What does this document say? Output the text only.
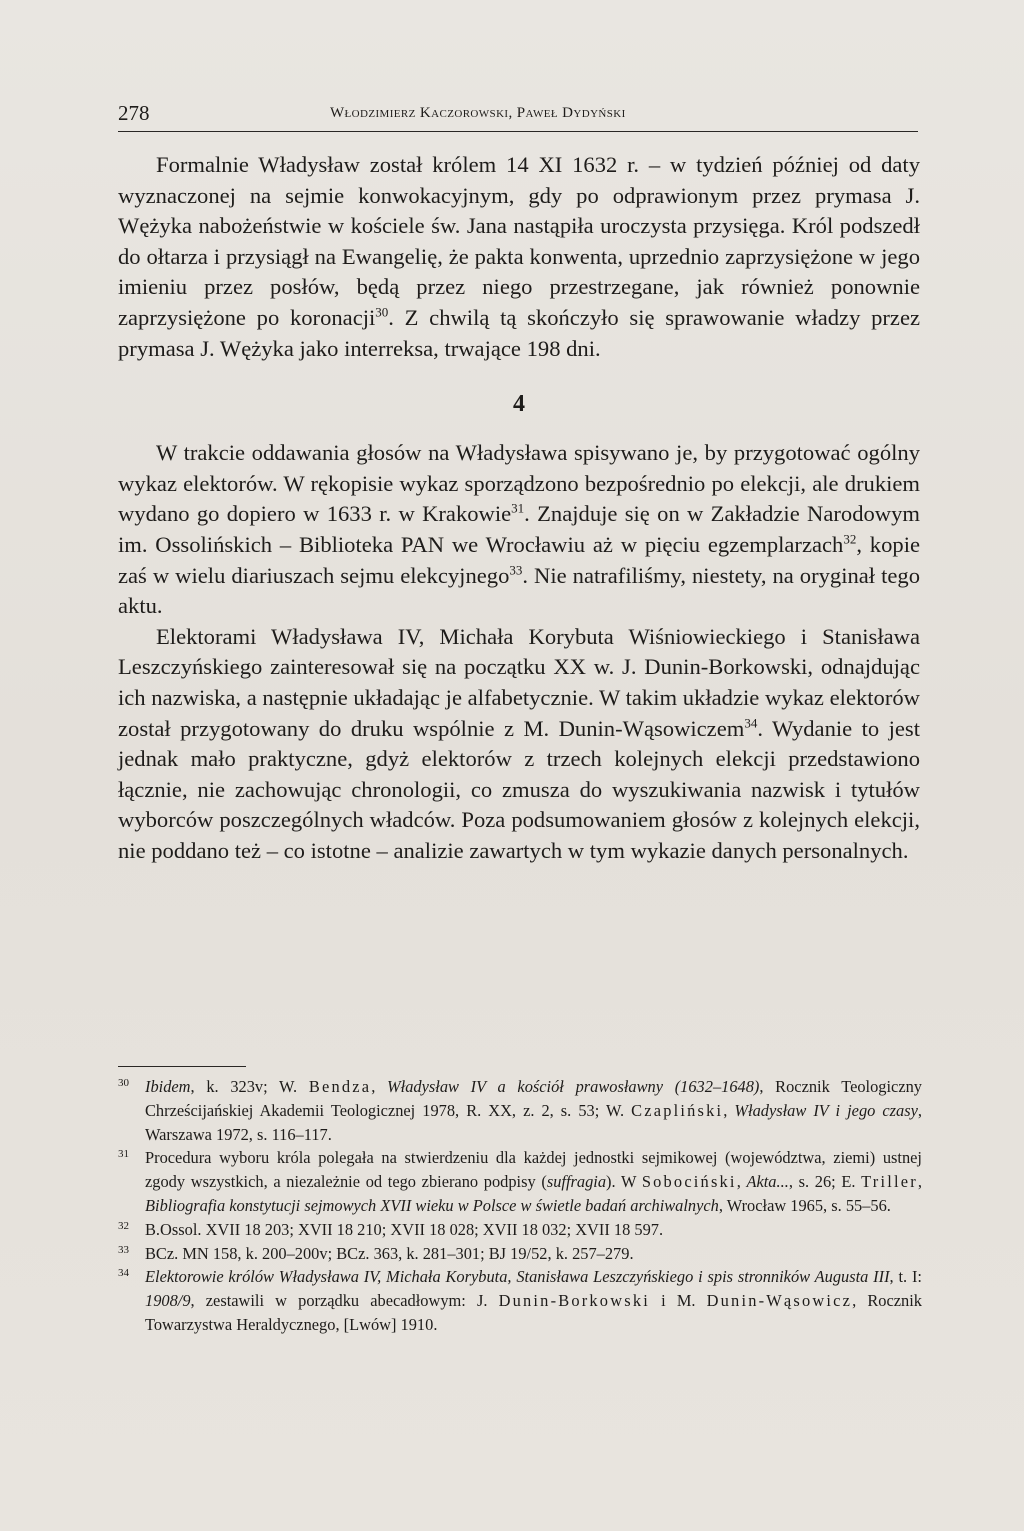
278	Włodzimierz Kaczorowski, Paweł Dydyński

Formalnie Władysław został królem 14 XI 1632 r. – w tydzień później od daty wyznaczonej na sejmie konwokacyjnym, gdy po odprawionym przez prymasa J. Wężyka nabożeństwie w kościele św. Jana nastąpiła uroczysta przysięga. Król podszedł do ołtarza i przysiągł na Ewangelię, że pakta konwenta, uprzednio zaprzysiężone w jego imieniu przez posłów, będą przez niego przestrzegane, jak również ponownie zaprzysiężone po koronacji$^{30}$. Z chwilą tą skończyło się sprawowanie władzy przez prymasa J. Wężyka jako interreksa, trwające 198 dni.

4

W trakcie oddawania głosów na Władysława spisywano je, by przygotować ogólny wykaz elektorów. W rękopisie wykaz sporządzono bezpośrednio po elekcji, ale drukiem wydano go dopiero w 1633 r. w Krakowie$^{31}$. Znajduje się on w Zakładzie Narodowym im. Ossolińskich – Biblioteka PAN we Wrocławiu aż w pięciu egzemplarzach$^{32}$, kopie zaś w wielu diariuszach sejmu elekcyjnego$^{33}$. Nie natrafiliśmy, niestety, na oryginał tego aktu.

Elektorami Władysława IV, Michała Korybuta Wiśniowieckiego i Stanisława Leszczyńskiego zainteresował się na początku XX w. J. Dunin-Borkowski, odnajdując ich nazwiska, a następnie układając je alfabetycznie. W takim układzie wykaz elektorów został przygotowany do druku wspólnie z M. Dunin-Wąsowiczem$^{34}$. Wydanie to jest jednak mało praktyczne, gdyż elektorów z trzech kolejnych elekcji przedstawiono łącznie, nie zachowując chronologii, co zmusza do wyszukiwania nazwisk i tytułów wyborców poszczególnych władców. Poza podsumowaniem głosów z kolejnych elekcji, nie poddano też – co istotne – analizie zawartych w tym wykazie danych personalnych.

30 Ibidem, k. 323v; W. Bendza, Władysław IV a kościół prawosławny (1632–1648), Rocznik Teologiczny Chrześcijańskiej Akademii Teologicznej 1978, R. XX, z. 2, s. 53; W. Czapliński, Władysław IV i jego czasy, Warszawa 1972, s. 116–117.
31 Procedura wyboru króla polegała na stwierdzeniu dla każdej jednostki sejmikowej (województwa, ziemi) ustnej zgody wszystkich, a niezależnie od tego zbierano podpisy (suffragia). W Sobociński, Akta..., s. 26; E. Triller, Bibliografia konstytucji sejmowych XVII wieku w Polsce w świetle badań archiwalnych, Wrocław 1965, s. 55–56.
32 B.Ossol. XVII 18 203; XVII 18 210; XVII 18 028; XVII 18 032; XVII 18 597.
33 BCz. MN 158, k. 200–200v; BCz. 363, k. 281–301; BJ 19/52, k. 257–279.
34 Elektorowie królów Władysława IV, Michała Korybuta, Stanisława Leszczyńskiego i spis stronników Augusta III, t. I: 1908/9, zestawili w porządku abecadłowym: J. Dunin-Borkowski i M. Dunin-Wąsowicz, Rocznik Towarzystwa Heraldycznego, [Lwów] 1910.
